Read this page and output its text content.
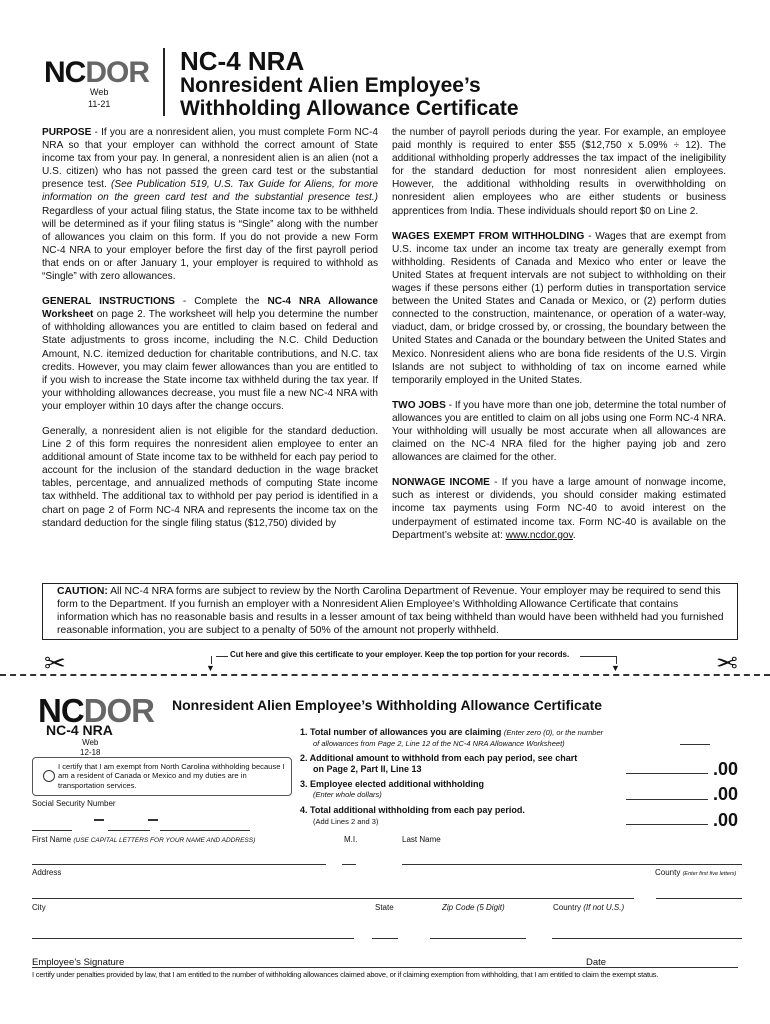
NCDOR
Web
11-21
NC-4 NRA
Nonresident Alien Employee’s
Withholding Allowance Certificate

PURPOSE - If you are a nonresident alien, you must complete Form NC-4 NRA so that your employer can withhold the correct amount of State income tax from your pay. In general, a nonresident alien is an alien (not a U.S. citizen) who has not passed the green card test or the substantial presence test. (See Publication 519, U.S. Tax Guide for Aliens, for more information on the green card test and the substantial presence test.) Regardless of your actual filing status, the State income tax to be withheld will be determined as if your filing status is “Single” along with the number of allowances you claim on this form. If you do not provide a new Form NC-4 NRA to your employer before the first day of the first payroll period that ends on or after January 1, your employer is required to withhold as “Single” with zero allowances.

GENERAL INSTRUCTIONS - Complete the NC-4 NRA Allowance Worksheet on page 2. The worksheet will help you determine the number of withholding allowances you are entitled to claim based on federal and State adjustments to gross income, including the N.C. Child Deduction Amount, N.C. itemized deduction for charitable contributions, and N.C. tax credits. However, you may claim fewer allowances than you are entitled to if you wish to increase the State income tax withheld during the tax year. If your withholding allowances decrease, you must file a new NC-4 NRA with your employer within 10 days after the change occurs.

Generally, a nonresident alien is not eligible for the standard deduction. Line 2 of this form requires the nonresident alien employee to enter an additional amount of State income tax to be withheld for each pay period to account for the inclusion of the standard deduction in the wage bracket tables, percentage, and annualized methods of computing State income tax withheld. The additional tax to withhold per pay period is identified in a chart on page 2 of Form NC-4 NRA and represents the income tax on the standard deduction for the single filing status ($12,750) divided by

the number of payroll periods during the year. For example, an employee paid monthly is required to enter $55 ($12,750 x 5.09% ÷ 12). The additional withholding properly addresses the tax impact of the ineligibility for the standard deduction for most nonresident alien employees. However, the additional withholding results in overwithholding on nonresident alien employees who are either students or business apprentices from India. These individuals should report $0 on Line 2.

WAGES EXEMPT FROM WITHHOLDING - Wages that are exempt from U.S. income tax under an income tax treaty are generally exempt from withholding. Residents of Canada and Mexico who enter or leave the United States at frequent intervals are not subject to withholding on their wages if these persons either (1) perform duties in transportation service between the United States and Canada or Mexico, or (2) perform duties connected to the construction, maintenance, or operation of a water-way, viaduct, dam, or bridge crossed by, or crossing, the boundary between the United States and Canada or the boundary between the United States and Mexico. Nonresident aliens who are bona fide residents of the U.S. Virgin Islands are not subject to withholding of tax on income earned while temporarily employed in the United States.

TWO JOBS - If you have more than one job, determine the total number of allowances you are entitled to claim on all jobs using one Form NC-4 NRA. Your withholding will usually be most accurate when all allowances are claimed on the NC-4 NRA filed for the higher paying job and zero allowances are claimed for the other.

NONWAGE INCOME - If you have a large amount of nonwage income, such as interest or dividends, you should consider making estimated income tax payments using Form NC-40 to avoid interest on the underpayment of estimated income tax. Form NC-40 is available on the Department’s website at: www.ncdor.gov.

CAUTION: All NC-4 NRA forms are subject to review by the North Carolina Department of Revenue. Your employer may be required to send this form to the Department. If you furnish an employer with a Nonresident Alien Employee’s Withholding Allowance Certificate that contains information which has no reasonable basis and results in a lesser amount of tax being withheld than would have been withheld had you furnished reasonable information, you are subject to a penalty of 50% of the amount not properly withheld.
✂	✂
▼	▼
Cut here and give this certificate to your employer. Keep the top portion for your records.
NCDOR Nonresident Alien Employee’s Withholding Allowance Certificate
NC-4 NRA
Web
12-18
I certify that I am exempt from North Carolina withholding because I am a resident of Canada or Mexico and my duties are in transportation services.
Social Security Number
First Name (USE CAPITAL LETTERS FOR YOUR NAME AND ADDRESS)	M.I.	Last Name
Address	County (Enter first five letters)
City	State	Zip Code (5 Digit)	Country (If not U.S.)
1. Total number of allowances you are claiming (Enter zero (0), or the number
of allowances from Page 2, Line 12 of the NC-4 NRA Allowance Worksheet)
2. Additional amount to withhold from each pay period, see chart
on Page 2, Part II, Line 13	.00
3. Employee elected additional withholding
(Enter whole dollars)	.00
4. Total additional withholding from each pay period.
(Add Lines 2 and 3)	.00
Employee’s Signature	Date
I certify under penalties provided by law, that I am entitled to the number of withholding allowances claimed above, or if claiming exemption from withholding, that I am entitled to claim the exempt status.
